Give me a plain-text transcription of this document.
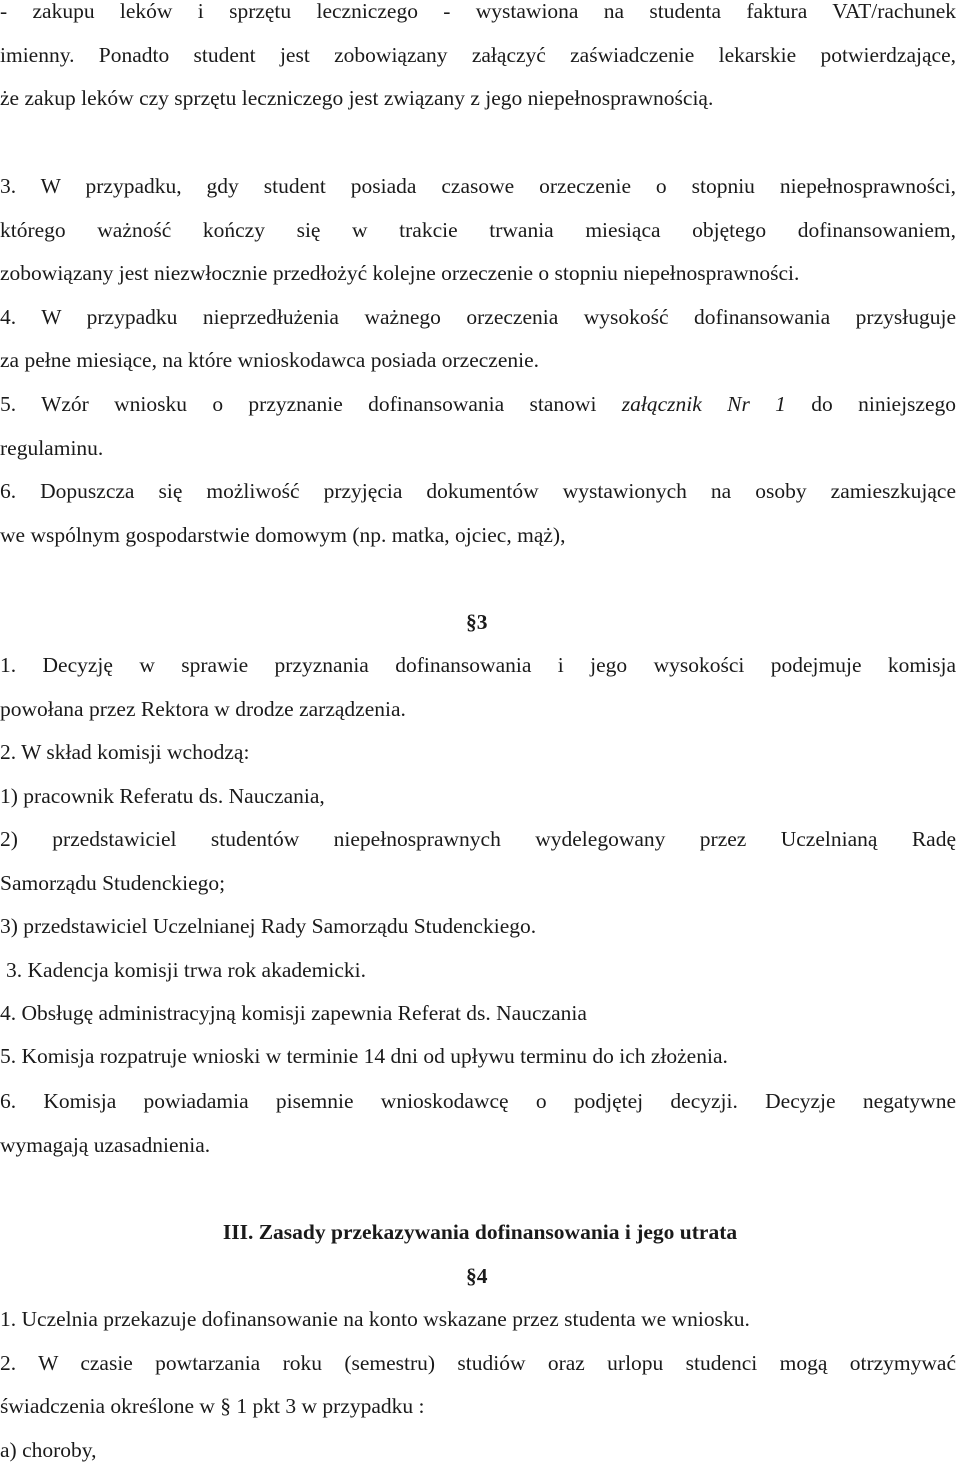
- zakupu leków i sprzętu leczniczego - wystawiona na studenta faktura VAT/rachunek
imienny. Ponadto student jest zobowiązany załączyć zaświadczenie lekarskie potwierdzające,
że zakup leków czy sprzętu leczniczego jest związany z jego niepełnosprawnością.
3. W przypadku, gdy student posiada czasowe orzeczenie o stopniu niepełnosprawności,
którego ważność kończy się w trakcie trwania miesiąca objętego dofinansowaniem,
zobowiązany jest niezwłocznie przedłożyć kolejne orzeczenie o stopniu niepełnosprawności.
4. W przypadku nieprzedłużenia ważnego orzeczenia wysokość dofinansowania przysługuje
za pełne miesiące, na które wnioskodawca posiada orzeczenie.
5. Wzór wniosku o przyznanie dofinansowania stanowi załącznik Nr 1 do niniejszego
regulaminu.
6. Dopuszcza się możliwość przyjęcia dokumentów wystawionych na osoby zamieszkujące
we wspólnym gospodarstwie domowym (np. matka, ojciec, mąż),
§3
1. Decyzję w sprawie przyznania dofinansowania i jego wysokości podejmuje komisja
powołana przez Rektora w drodze zarządzenia.
2. W skład komisji wchodzą:
1) pracownik Referatu ds. Nauczania,
2) przedstawiciel studentów niepełnosprawnych wydelegowany przez Uczelnianą Radę
Samorządu Studenckiego;
3) przedstawiciel Uczelnianej Rady Samorządu Studenckiego.
3. Kadencja komisji trwa rok akademicki.
4. Obsługę administracyjną komisji zapewnia Referat ds. Nauczania
5. Komisja rozpatruje wnioski w terminie 14 dni od upływu terminu do ich złożenia.
6. Komisja powiadamia pisemnie wnioskodawcę o podjętej decyzji. Decyzje negatywne
wymagają uzasadnienia.
III. Zasady przekazywania dofinansowania i jego utrata
§4
1. Uczelnia przekazuje dofinansowanie na konto wskazane przez studenta we wniosku.
2. W czasie powtarzania roku (semestru) studiów oraz urlopu studenci mogą otrzymywać
świadczenia określone w § 1 pkt 3 w przypadku :
a) choroby,
